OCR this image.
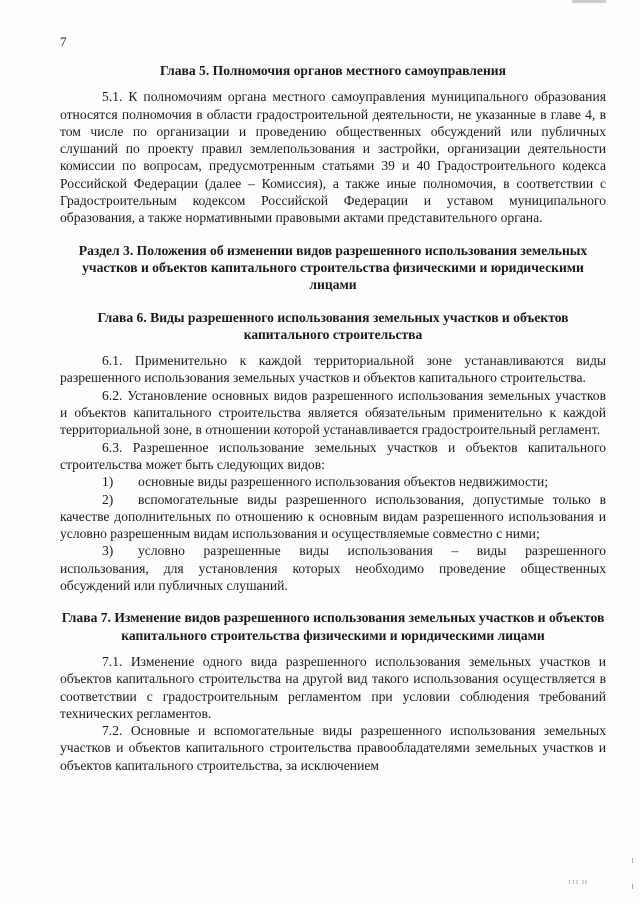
7

Глава 5. Полномочия органов местного самоуправления

5.1. К полномочиям органа местного самоуправления муниципального образования относятся полномочия в области градостроительной деятельности, не указанные в главе 4, в том числе по организации и проведению общественных обсуждений или публичных слушаний по проекту правил землепользования и застройки, организации деятельности комиссии по вопросам, предусмотренным статьями 39 и 40 Градостроительного кодекса Российской Федерации (далее – Комиссия), а также иные полномочия, в соответствии с Градостроительным кодексом Российской Федерации и уставом муниципального образования, а также нормативными правовыми актами представительного органа.

Раздел 3. Положения об изменении видов разрешенного использования земельных участков и объектов капитального строительства физическими и юридическими лицами

Глава 6. Виды разрешенного использования земельных участков и объектов капитального строительства

6.1. Применительно к каждой территориальной зоне устанавливаются виды разрешенного использования земельных участков и объектов капитального строительства.

6.2. Установление основных видов разрешенного использования земельных участков и объектов капитального строительства является обязательным применительно к каждой территориальной зоне, в отношении которой устанавливается градостроительный регламент.

6.3. Разрешенное использование земельных участков и объектов капитального строительства может быть следующих видов:

1) основные виды разрешенного использования объектов недвижимости;

2) вспомогательные виды разрешенного использования, допустимые только в качестве дополнительных по отношению к основным видам разрешенного использования и условно разрешенным видам использования и осуществляемые совместно с ними;

3) условно разрешенные виды использования – виды разрешенного использования, для установления которых необходимо проведение общественных обсуждений или публичных слушаний.

Глава 7. Изменение видов разрешенного использования земельных участков и объектов капитального строительства физическими и юридическими лицами

7.1. Изменение одного вида разрешенного использования земельных участков и объектов капитального строительства на другой вид такого использования осуществляется в соответствии с градостроительным регламентом при условии соблюдения требований технических регламентов.

7.2. Основные и вспомогательные виды разрешенного использования земельных участков и объектов капитального строительства правообладателями земельных участков и объектов капитального строительства, за исключением

111 II
